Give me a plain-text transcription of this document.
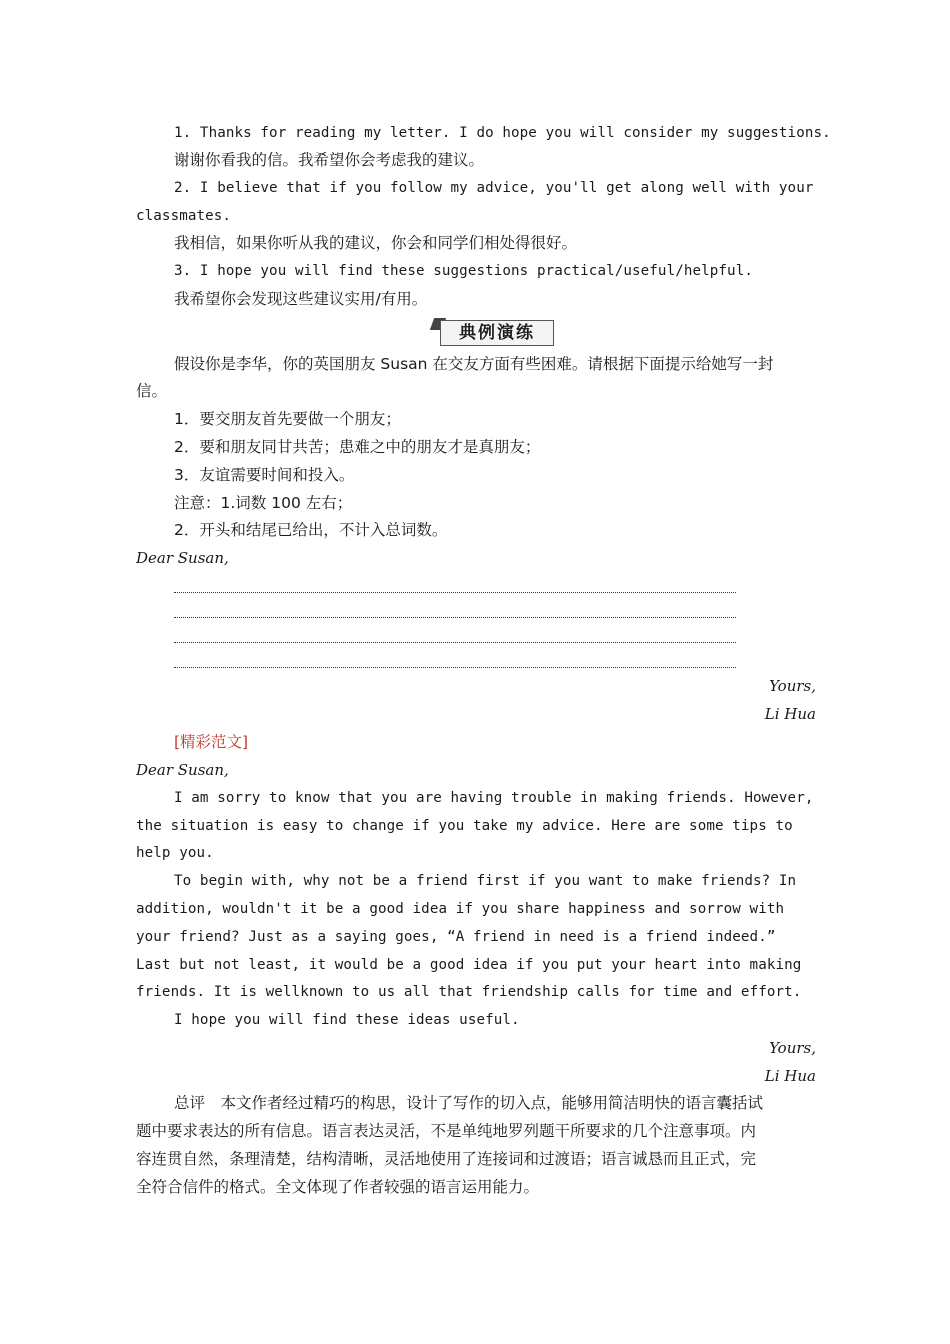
1. Thanks for reading my letter. I do hope you will consider my suggestions.
谢谢你看我的信。我希望你会考虑我的建议。
2. I believe that if you follow my advice, you'll get along well with your
classmates.
我相信，如果你听从我的建议，你会和同学们相处得很好。
3. I hope you will find these suggestions practical/useful/helpful.
我希望你会发现这些建议实用/有用。
典例演练
假设你是李华，你的英国朋友 Susan 在交友方面有些困难。请根据下面提示给她写一封
信。
1．要交朋友首先要做一个朋友；
2．要和朋友同甘共苦；患难之中的朋友才是真朋友；
3．友谊需要时间和投入。
注意：1.词数 100 左右；
2．开头和结尾已给出，不计入总词数。
Dear Susan,
Yours,
Li Hua
[精彩范文]
Dear Susan,
I am sorry to know that you are having trouble in making friends. However,
the situation is easy to change if you take my advice. Here are some tips to
help you.
To begin with, why not be a friend first if you want to make friends? In
addition, wouldn't it be a good idea if you share happiness and sorrow with
your friend? Just as a saying goes, “A friend in need is a friend indeed.”
Last but not least, it would be a good idea if you put your heart into making
friends. It is wellknown to us all that friendship calls for time and effort.
I hope you will find these ideas useful.
Yours,
Li Hua
总评　本文作者经过精巧的构思，设计了写作的切入点，能够用简洁明快的语言囊括试
题中要求表达的所有信息。语言表达灵活，不是单纯地罗列题干所要求的几个注意事项。内
容连贯自然，条理清楚，结构清晰，灵活地使用了连接词和过渡语；语言诚恳而且正式，完
全符合信件的格式。全文体现了作者较强的语言运用能力。
